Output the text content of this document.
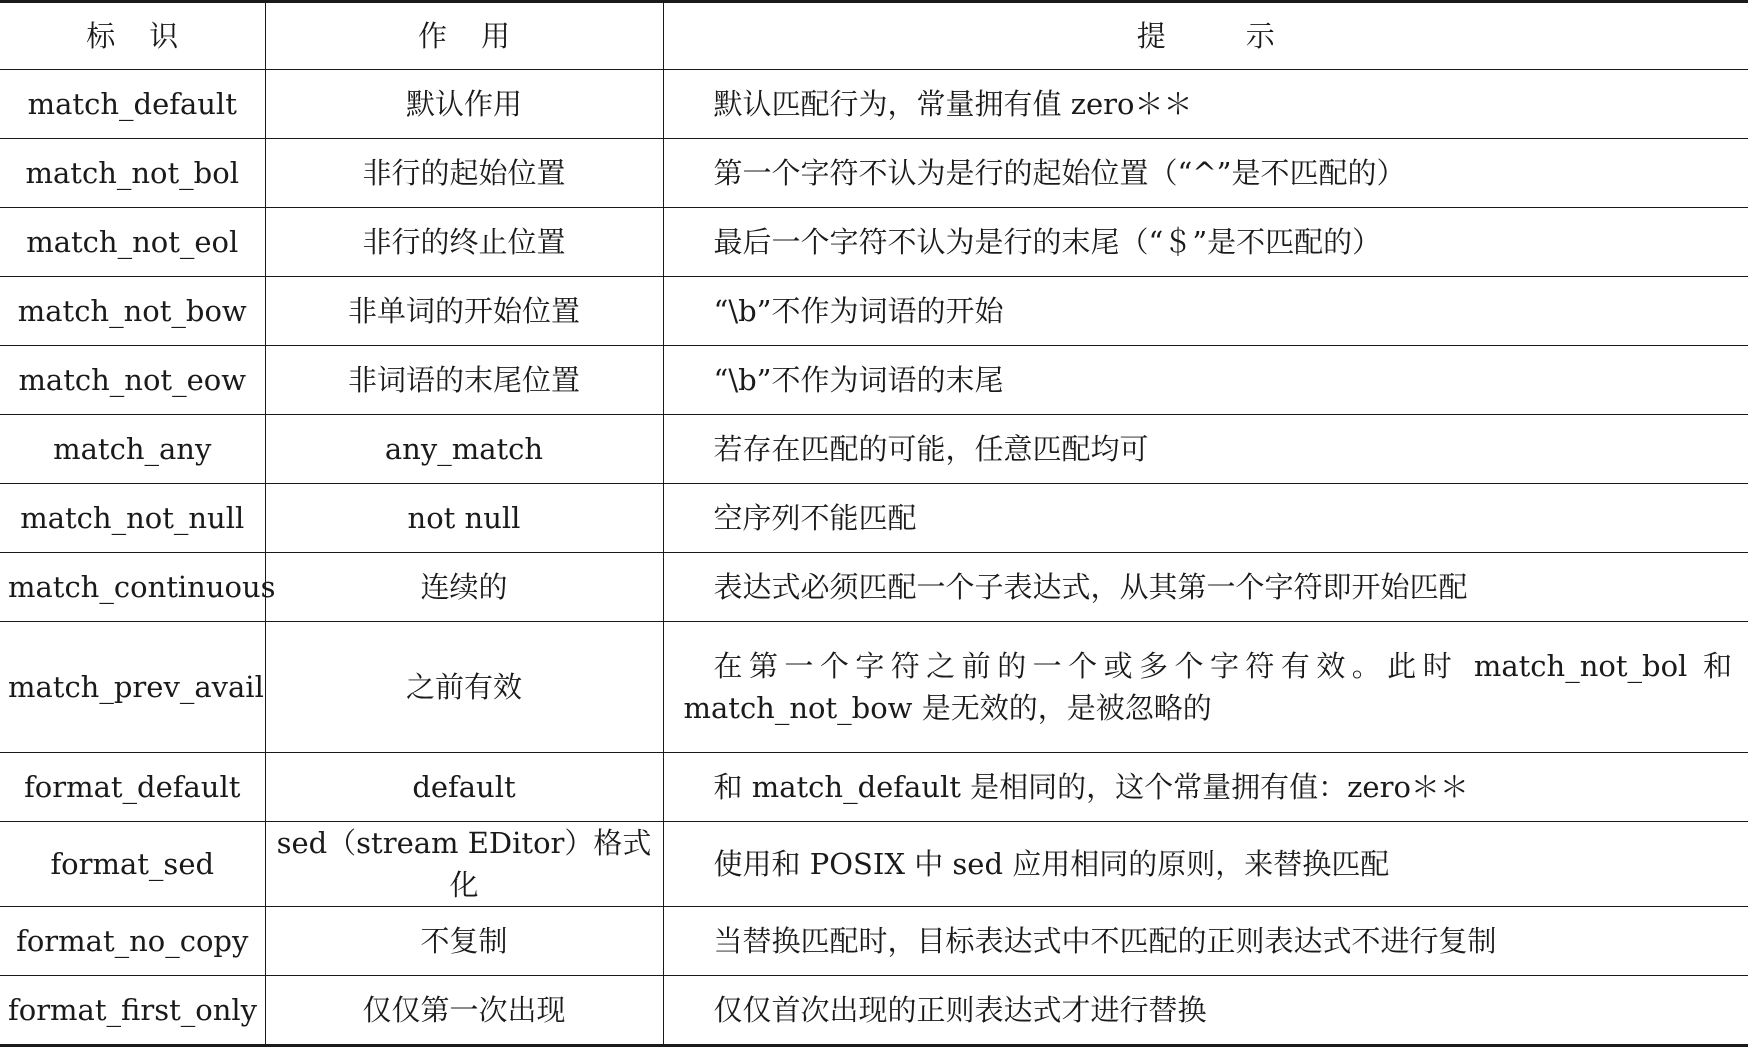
标识	作用	提示
match_default	默认作用	默认匹配行为，常量拥有值 zero＊＊
match_not_bol	非行的起始位置	第一个字符不认为是行的起始位置（“^”是不匹配的）
match_not_eol	非行的终止位置	最后一个字符不认为是行的末尾（“＄”是不匹配的）
match_not_bow	非单词的开始位置	“\b”不作为词语的开始
match_not_eow	非词语的末尾位置	“\b”不作为词语的末尾
match_any	any_match	若存在匹配的可能，任意匹配均可
match_not_null	not null	空序列不能匹配
match_continuous	连续的	表达式必须匹配一个子表达式，从其第一个字符即开始匹配
match_prev_avail	之前有效	在第一个字符之前的一个或多个字符有效。此时 match_not_bol 和 match_not_bow 是无效的，是被忽略的
format_default	default	和 match_default 是相同的，这个常量拥有值：zero＊＊
format_sed	sed（stream EDitor）格式化	使用和 POSIX 中 sed 应用相同的原则，来替换匹配
format_no_copy	不复制	当替换匹配时，目标表达式中不匹配的正则表达式不进行复制
format_first_only	仅仅第一次出现	仅仅首次出现的正则表达式才进行替换
